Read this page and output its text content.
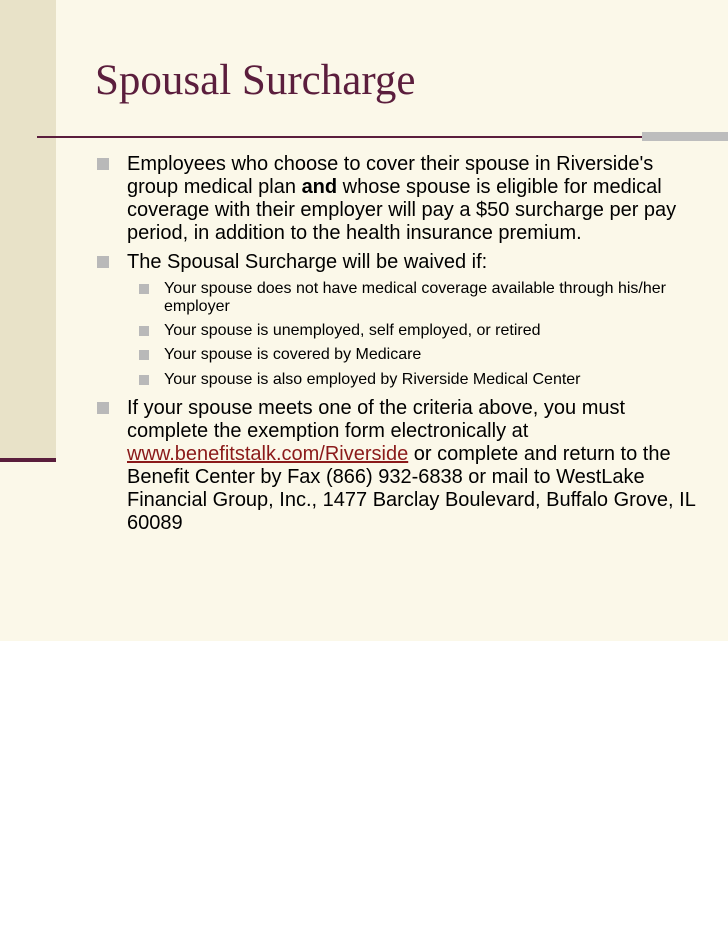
Spousal Surcharge
Employees who choose to cover their spouse in Riverside's
group medical plan and whose spouse is eligible for medical
coverage with their employer will pay a $50 surcharge per pay
period, in addition to the health insurance premium.
The Spousal Surcharge will be waived if:
Your spouse does not have medical coverage available through his/her
employer
Your spouse is unemployed, self employed, or retired
Your spouse is covered by Medicare
Your spouse is also employed by Riverside Medical Center
If your spouse meets one of the criteria above, you must
complete the exemption form electronically at
www.benefitstalk.com/Riverside or complete and return to the
Benefit Center by Fax (866) 932-6838 or mail to WestLake
Financial Group, Inc., 1477 Barclay Boulevard, Buffalo Grove, IL
60089
